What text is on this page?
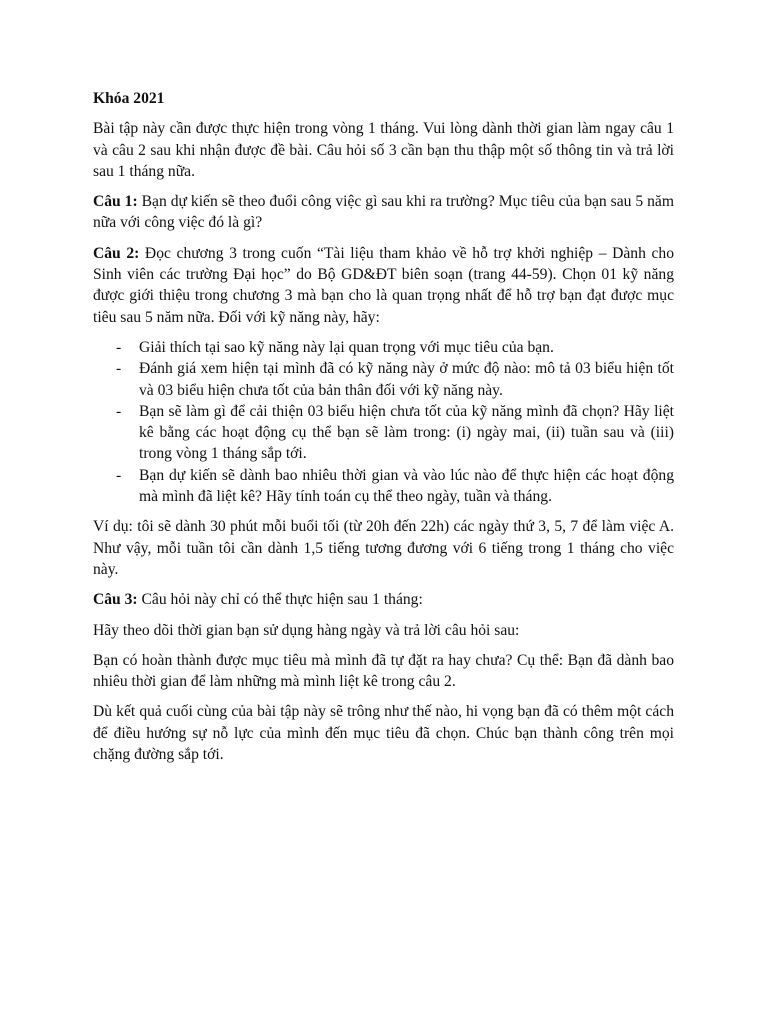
Khóa 2021

Bài tập này cần được thực hiện trong vòng 1 tháng. Vui lòng dành thời gian làm ngay câu 1 và câu 2 sau khi nhận được đề bài. Câu hỏi số 3 cần bạn thu thập một số thông tin và trả lời sau 1 tháng nữa.

Câu 1: Bạn dự kiến sẽ theo đuổi công việc gì sau khi ra trường? Mục tiêu của bạn sau 5 năm nữa với công việc đó là gì?

Câu 2: Đọc chương 3 trong cuốn “Tài liệu tham khảo về hỗ trợ khởi nghiệp – Dành cho Sinh viên các trường Đại học” do Bộ GD&ĐT biên soạn (trang 44-59). Chọn 01 kỹ năng được giới thiệu trong chương 3 mà bạn cho là quan trọng nhất để hỗ trợ bạn đạt được mục tiêu sau 5 năm nữa. Đối với kỹ năng này, hãy:

- Giải thích tại sao kỹ năng này lại quan trọng với mục tiêu của bạn.
- Đánh giá xem hiện tại mình đã có kỹ năng này ở mức độ nào: mô tả 03 biểu hiện tốt và 03 biểu hiện chưa tốt của bản thân đối với kỹ năng này.
- Bạn sẽ làm gì để cải thiện 03 biểu hiện chưa tốt của kỹ năng mình đã chọn? Hãy liệt kê bằng các hoạt động cụ thể bạn sẽ làm trong: (i) ngày mai, (ii) tuần sau và (iii) trong vòng 1 tháng sắp tới.
- Bạn dự kiến sẽ dành bao nhiêu thời gian và vào lúc nào để thực hiện các hoạt động mà mình đã liệt kê? Hãy tính toán cụ thể theo ngày, tuần và tháng.

Ví dụ: tôi sẽ dành 30 phút mỗi buổi tối (từ 20h đến 22h) các ngày thứ 3, 5, 7 để làm việc A. Như vậy, mỗi tuần tôi cần dành 1,5 tiếng tương đương với 6 tiếng trong 1 tháng cho việc này.

Câu 3: Câu hỏi này chỉ có thể thực hiện sau 1 tháng:

Hãy theo dõi thời gian bạn sử dụng hàng ngày và trả lời câu hỏi sau:

Bạn có hoàn thành được mục tiêu mà mình đã tự đặt ra hay chưa? Cụ thể: Bạn đã dành bao nhiêu thời gian để làm những mà mình liệt kê trong câu 2.

Dù kết quả cuối cùng của bài tập này sẽ trông như thế nào, hi vọng bạn đã có thêm một cách để điều hướng sự nỗ lực của mình đến mục tiêu đã chọn. Chúc bạn thành công trên mọi chặng đường sắp tới.
